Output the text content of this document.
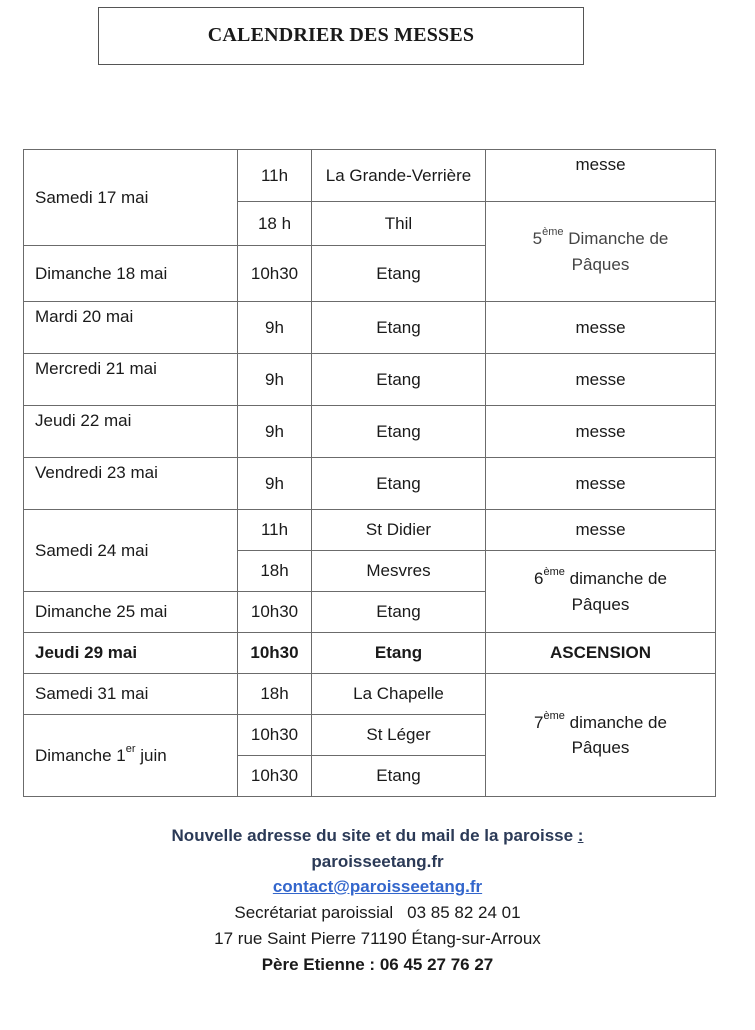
CALENDRIER DES MESSES
Samedi 17 mai	11h	La Grande-Verrière	messe
	18 h	Thil	5ème Dimanche de Pâques
Dimanche 18 mai	10h30	Etang	
Mardi 20 mai	9h	Etang	messe
Mercredi 21 mai	9h	Etang	messe
Jeudi 22 mai	9h	Etang	messe
Vendredi 23 mai	9h	Etang	messe
Samedi 24 mai	11h	St Didier	messe
	18h	Mesvres	6ème dimanche de Pâques
Dimanche 25 mai	10h30	Etang	
Jeudi 29 mai	10h30	Etang	ASCENSION
Samedi 31 mai	18h	La Chapelle	7ème dimanche de Pâques
Dimanche 1er juin	10h30	St Léger	
	10h30	Etang	
Nouvelle adresse du site et du mail de la paroisse :
paroisseetang.fr
contact@paroisseetang.fr
Secrétariat paroissial 03 85 82 24 01
17 rue Saint Pierre 71190 Étang-sur-Arroux
Père Etienne : 06 45 27 76 27
